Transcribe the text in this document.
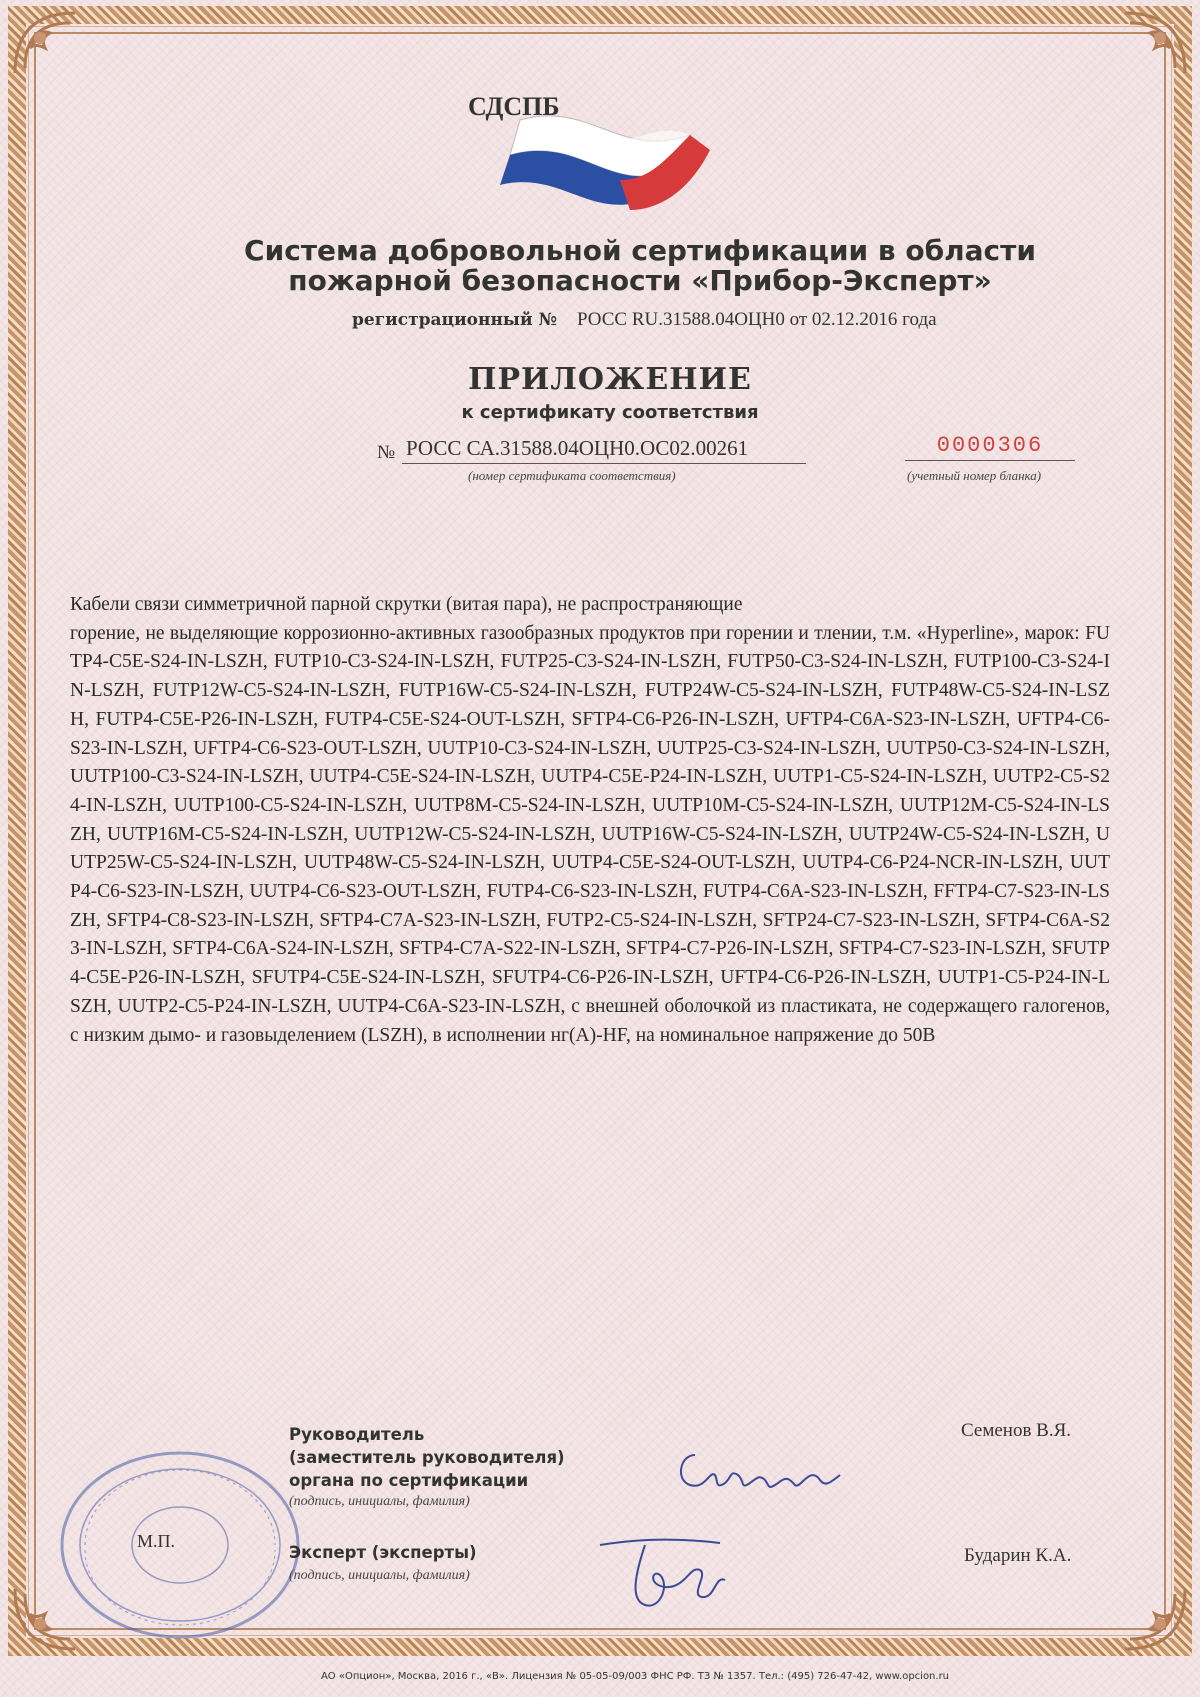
СДСПБ
Система добровольной сертификации в области
пожарной безопасности «Прибор-Эксперт»
регистрационный № РОСС RU.31588.04ОЦН0 от 02.12.2016 года
ПРИЛОЖЕНИЕ
к сертификату соответствия
№ РОСС СА.31588.04ОЦН0.ОС02.00261
(номер сертификата соответствия)
0000306
(учетный номер бланка)
Кабели связи симметричной парной скрутки (витая пара), не распространяющие
горение, не выделяющие коррозионно-активных газообразных продуктов при горении и тлении, т.м. «Hyperline», марок: FUTP4-C5E-S24-IN-LSZH, FUTP10-C3-S24-IN-LSZH, FUTP25-C3-S24-IN-LSZH, FUTP50-C3-S24-IN-LSZH, FUTP100-C3-S24-IN-LSZH, FUTP12W-C5-S24-IN-LSZH, FUTP16W-C5-S24-IN-LSZH, FUTP24W-C5-S24-IN-LSZH, FUTP48W-C5-S24-IN-LSZH, FUTP4-C5E-P26-IN-LSZH, FUTP4-C5E-S24-OUT-LSZH, SFTP4-C6-P26-IN-LSZH, UFTP4-C6A-S23-IN-LSZH, UFTP4-C6-S23-IN-LSZH, UFTP4-C6-S23-OUT-LSZH, UUTP10-C3-S24-IN-LSZH, UUTP25-C3-S24-IN-LSZH, UUTP50-C3-S24-IN-LSZH, UUTP100-C3-S24-IN-LSZH, UUTP4-C5E-S24-IN-LSZH, UUTP4-C5E-P24-IN-LSZH, UUTP1-C5-S24-IN-LSZH, UUTP2-C5-S24-IN-LSZH, UUTP100-C5-S24-IN-LSZH, UUTP8M-C5-S24-IN-LSZH, UUTP10M-C5-S24-IN-LSZH, UUTP12M-C5-S24-IN-LSZH, UUTP16M-C5-S24-IN-LSZH, UUTP12W-C5-S24-IN-LSZH, UUTP16W-C5-S24-IN-LSZH, UUTP24W-C5-S24-IN-LSZH, UUTP25W-C5-S24-IN-LSZH, UUTP48W-C5-S24-IN-LSZH, UUTP4-C5E-S24-OUT-LSZH, UUTP4-C6-P24-NCR-IN-LSZH, UUTP4-C6-S23-IN-LSZH, UUTP4-C6-S23-OUT-LSZH, FUTP4-C6-S23-IN-LSZH, FUTP4-C6A-S23-IN-LSZH, FFTP4-C7-S23-IN-LSZH, SFTP4-C8-S23-IN-LSZH, SFTP4-C7A-S23-IN-LSZH, FUTP2-C5-S24-IN-LSZH, SFTP24-C7-S23-IN-LSZH, SFTP4-C6A-S23-IN-LSZH, SFTP4-C6A-S24-IN-LSZH, SFTP4-C7A-S22-IN-LSZH, SFTP4-C7-P26-IN-LSZH, SFTP4-C7-S23-IN-LSZH, SFUTP4-C5E-P26-IN-LSZH, SFUTP4-C5E-S24-IN-LSZH, SFUTP4-C6-P26-IN-LSZH, UFTP4-C6-P26-IN-LSZH, UUTP1-C5-P24-IN-LSZH, UUTP2-C5-P24-IN-LSZH, UUTP4-C6A-S23-IN-LSZH, с внешней оболочкой из пластиката, не содержащего галогенов, с низким дымо- и газовыделением (LSZH), в исполнении нг(А)-HF, на номинальное напряжение до 50В
Руководитель
(заместитель руководителя)
органа по сертификации
(подпись, инициалы, фамилия)
Эксперт (эксперты)
(подпись, инициалы, фамилия)
Семенов В.Я.
Бударин К.А.
М.П.
АО «Опцион», Москва, 2016 г., «В». Лицензия № 05-05-09/003 ФНС РФ. ТЗ № 1357. Тел.: (495) 726-47-42, www.opcion.ru
